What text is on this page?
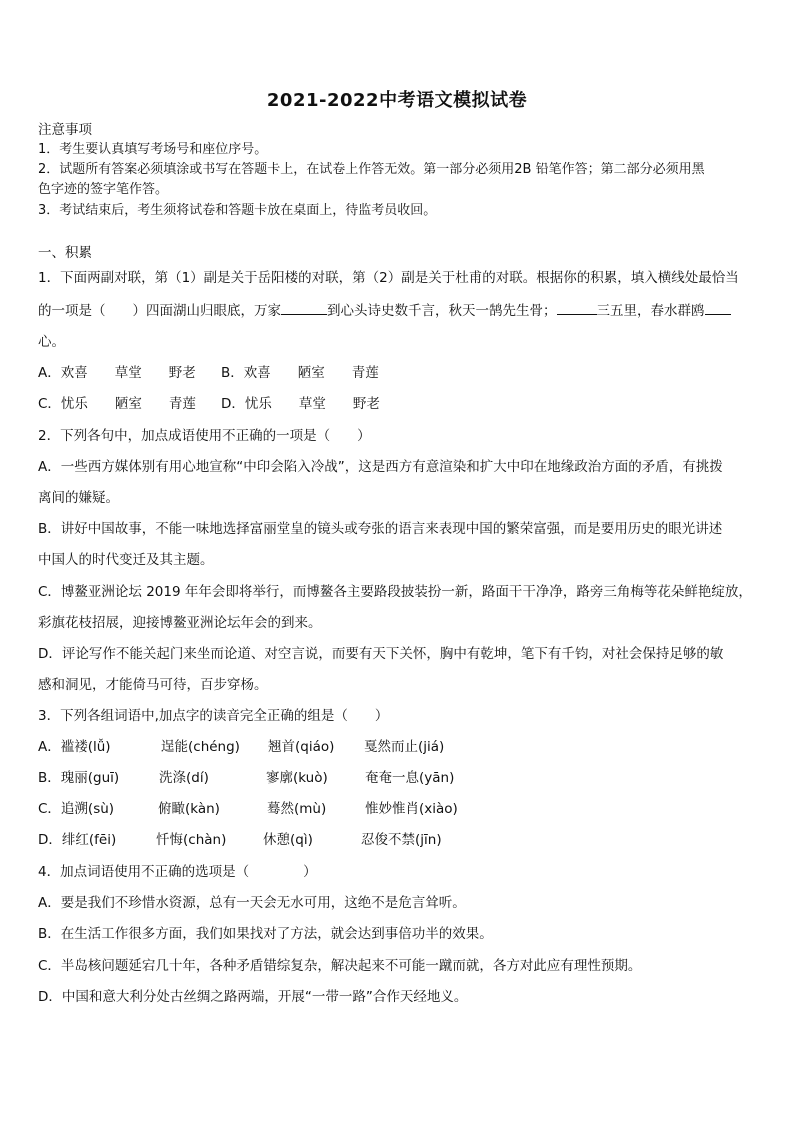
2021-2022中考语文模拟试卷
注意事项
1．考生要认真填写考场号和座位序号。
2．试题所有答案必须填涂或书写在答题卡上，在试卷上作答无效。第一部分必须用2B 铅笔作答；第二部分必须用黑
色字迹的签字笔作答。
3．考试结束后，考生须将试卷和答题卡放在桌面上，待监考员收回。
一、积累
1．下面两副对联，第（1）副是关于岳阳楼的对联，第（2）副是关于杜甫的对联。根据你的积累，填入横线处最恰当
的一项是（　　）四面湖山归眼底，万家	到心头诗史数千言，秋天一鹄先生骨；	三五里，春水群鸥
心。
A．欢喜　　草堂　　野老 B．欢喜　　陋室　　青莲
C．忧乐　　陋室　　青莲 D．忧乐　　草堂　　野老
2．下列各句中，加点成语使用不正确的一项是（　　）
A．一些西方媒体别有用心地宣称“中印会陷入冷战”，这是西方有意渲染和扩大中印在地缘政治方面的矛盾，有挑拨
离间的嫌疑。
B．讲好中国故事，不能一味地选择富丽堂皇的镜头或夸张的语言来表现中国的繁荣富强，而是要用历史的眼光讲述
中国人的时代变迁及其主题。
C．博鳌亚洲论坛 2019 年年会即将举行，而博鳌各主要路段披装扮一新，路面干干净净，路旁三角梅等花朵鲜艳绽放，
彩旗花枝招展，迎接博鳌亚洲论坛年会的到来。
D．评论写作不能关起门来坐而论道、对空言说，而要有天下关怀，胸中有乾坤，笔下有千钧，对社会保持足够的敏
感和洞见，才能倚马可待，百步穿杨。
3．下列各组词语中,加点字的读音完全正确的组是（　　）
A．褴褛(lǚ)	逞能(chéng) 翘首(qiáo) 戛然而止(jiá)
B．瑰丽(guī)	洗涤(dí)	寥廓(kuò)	奄奄一息(yān)
C．追溯(sù)	俯瞰(kàn)	蓦然(mù)	惟妙惟肖(xiào)
D．绯红(fēi)	忏悔(chàn)	休憩(qì)	忍俊不禁(jīn)
4．加点词语使用不正确的选项是（　　　　）
A．要是我们不珍惜水资源，总有一天会无水可用，这绝不是危言耸听。
B．在生活工作很多方面，我们如果找对了方法，就会达到事倍功半的效果。
C．半岛核问题延宕几十年，各种矛盾错综复杂，解决起来不可能一蹴而就，各方对此应有理性预期。
D．中国和意大利分处古丝绸之路两端，开展“一带一路”合作天经地义。
